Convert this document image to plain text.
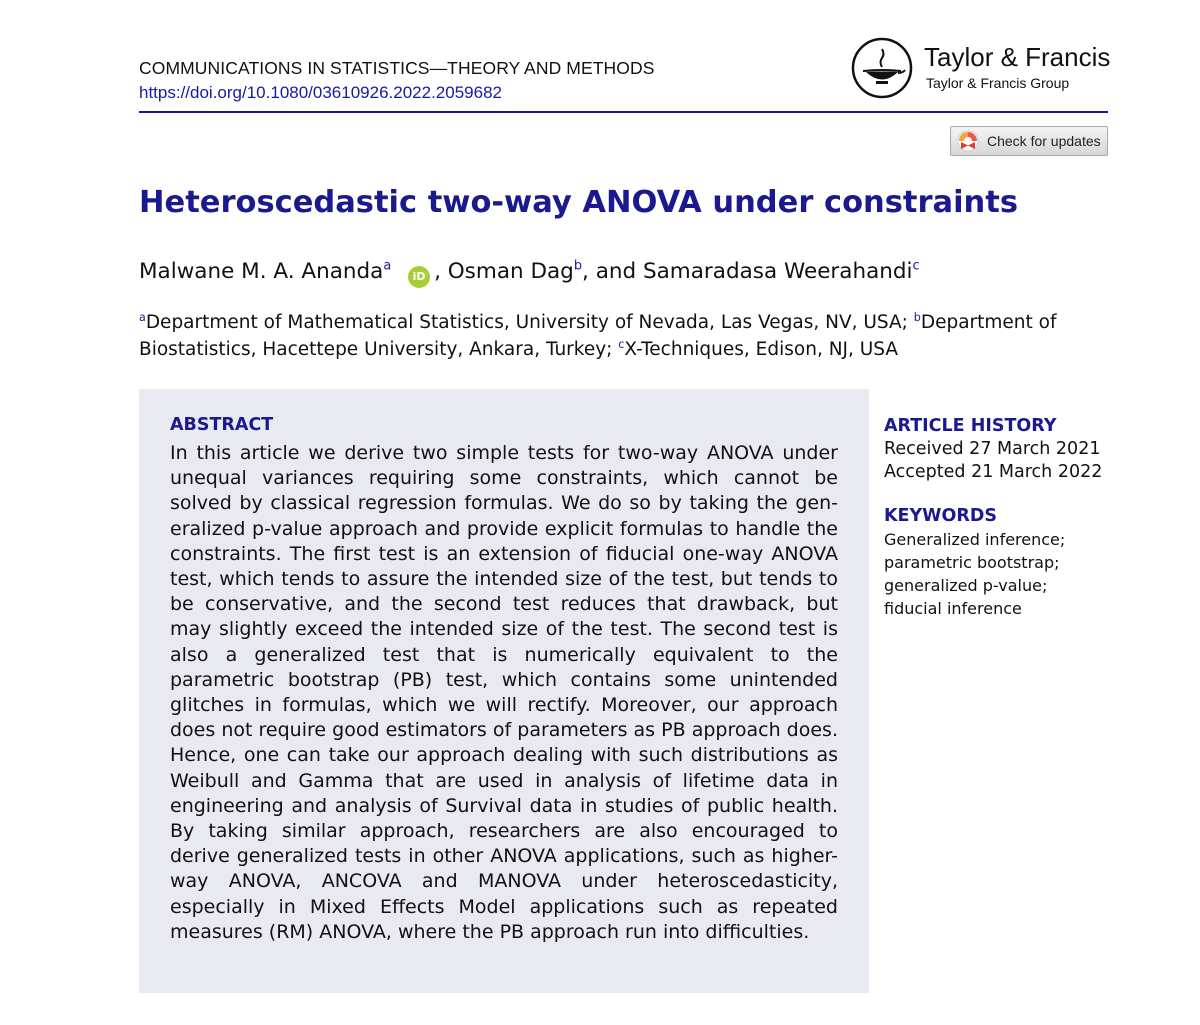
COMMUNICATIONS IN STATISTICS—THEORY AND METHODS
https://doi.org/10.1080/03610926.2022.2059682
Taylor & Francis
Taylor & Francis Group
Check for updates
Heteroscedastic two-way ANOVA under constraints
Malwane M. A. Ananda$^a$ iD , Osman Dag$^b$, and Samaradasa Weerahandi$^c$
$^a$Department of Mathematical Statistics, University of Nevada, Las Vegas, NV, USA; $^b$Department of Biostatistics, Hacettepe University, Ankara, Turkey; $^c$X-Techniques, Edison, NJ, USA
ABSTRACT
In this article we derive two simple tests for two-way ANOVA under unequal variances requiring some constraints, which cannot be solved by classical regression formulas. We do so by taking the generalized p-value approach and provide explicit formulas to handle the constraints. The first test is an extension of fiducial one-way ANOVA test, which tends to assure the intended size of the test, but tends to be conservative, and the second test reduces that drawback, but may slightly exceed the intended size of the test. The second test is also a generalized test that is numerically equivalent to the parametric bootstrap (PB) test, which contains some unintended glitches in formulas, which we will rectify. Moreover, our approach does not require good estimators of parameters as PB approach does. Hence, one can take our approach dealing with such distributions as Weibull and Gamma that are used in analysis of lifetime data in engineering and analysis of Survival data in studies of public health. By taking similar approach, researchers are also encouraged to derive generalized tests in other ANOVA applications, such as higher-way ANOVA, ANCOVA and MANOVA under heteroscedasticity, especially in Mixed Effects Model applications such as repeated measures (RM) ANOVA, where the PB approach run into difficulties.
ARTICLE HISTORY
Received 27 March 2021
Accepted 21 March 2022
KEYWORDS
Generalized inference;
parametric bootstrap;
generalized p-value;
fiducial inference
